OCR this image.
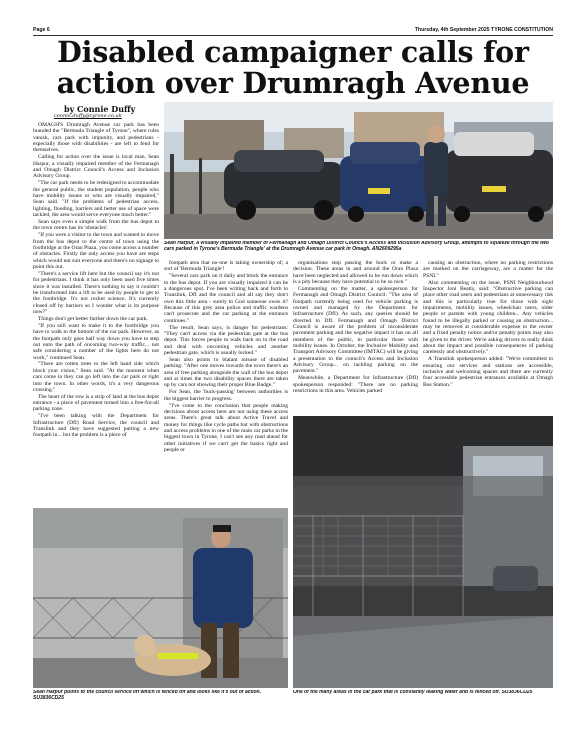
Page 6	Thursday, 4th September 2025 TYRONE CONSTITUTION
Disabled campaigner calls for action over Drumragh Avenue
by Connie Duffy
connie.duffy@tyrone.co.uk

OMAGH'S Drumragh Avenue car park has been branded the "Bermuda Triangle of Tyrone", where rules vanish, cars park with impunity, and pedestrians - especially those with disabilities - are left to fend for themselves.

Calling for action over the issue is local man, Sean Harpur, a visually impaired member of the Fermanagh and Omagh District Council's Access and Inclusion Advisory Group.

"The car park needs to be redesigned to accommodate the general public, the student population, people who have mobility issues or who are visually impaired," Sean said. "If the problems of pedestrian access, lighting, flooding, barriers and better use of space were tackled, the area would serve everyone much better."

Sean says even a simple walk from the bus depot to the town centre has its 'obstacles'.

"If you were a visitor to the town and wanted to move from the bus depot to the centre of town using the footbridge at the Oran Plaza, you come across a number of obstacles. Firstly the only access you have are steps which would not suit everyone and there's no signage to point this out.

"There's a service lift here but the council say it's not for pedestrians. I think it has only been used five times since it was installed. There's nothing to say it couldn't be transformed into a lift to be used by people to get to the footbridge. It's not rocket science. It's currently closed off by barriers so I wonder what is its purpose now?"

Things don't get better further down the car park.

"If you still want to make it to the footbridge you have to walk to the bottom of the car park. However, as the footpath only goes half way down you have to step out onto the path of oncoming two-way traffic... not safe considering a number of the lights here do not work," continued Sean.

"There are rotten trees to the left hand side which block your vision," Sean said. "At the moment when cars come in they can go left into the car park or right into the town. In other words, it's a very dangerous crossing."

The heart of the row is a strip of land at the bus depot entrance - a piece of pavement turned into a free-for-all parking zone.

"I've been talking with the Department for Infrastructure (DfI) Road Service, the council and Translink and they have suggested putting a new footpath in... but the problem is a piece of

Sean Harpur, a visually impaired member of Fermanagh and Omagh District Council's Access and Inclusion Advisory Group, attempts to squeeze through the two cars parked in Tyrone's Bermuda Triangle' at the Drumragh Avenue car park in Omagh. AN2609295a

footpath area that no-one is taking ownership of; a sort of 'Bermuda Triangle'!

"Several cars park on it daily and block the entrance to the bus depot. If you are visually impaired it can be a dangerous spot. I've been writing back and forth to Translink, DfI and the council and all say they don't own this little area - surely to God someone owns it? Because of this grey area police and traffic wardens can't prosecute and the car parking at the entrance continues."

The result, Sean says, is danger for pedestrians: "They can't access via the pedestrian gate at the bus depot. This forces people to walk back on to the road and deal with oncoming vehicles and another pedestrian gate, which is usually locked."

Sean also points to blatant misuse of disabled parking: "After one moves towards the town there's an area of free parking alongside the wall of the bus depot and at times the two disability spaces there are taken up by cars not showing their proper Blue Badge."

For Sean, the 'buck-passing' between authorities is the biggest barrier to progress.

"I've come to the conclusion that people making decisions about access here are not using these access areas. There's great talk about Active Travel and money for things like cycle paths but with obstructions and access problems in one of the main car parks in the biggest town in Tyrone, I can't see any road ahead for other initiatives if we can't get the basics right and people or

organisations stop passing the buck or make a decision. These areas in and around the Oran Plaza have been neglected and allowed to be run down which is a pity because they have potential to be so nice."

Commenting on the matter, a spokesperson for Fermanagh and Omagh District Council: "The area of footpath currently being used for vehicle parking is owned and managed by the Department for Infrastructure (DfI). As such, any queries should be directed to DfI. Fermanagh and Omagh District Council is aware of the problem of inconsiderate pavement parking and the negative impact it has on all members of the public, in particular those with mobility issues. In October, the Inclusive Mobility and Transport Advisory Committee (IMTAC) will be giving a presentation to the council's Access and Inclusion Advisory Group... on tackling parking on the pavement."

Meanwhile, a Department for Infrastructure (DfI) spokesperson responded: "There are no parking restrictions in this area. Vehicles parked

causing an obstruction, where no parking restrictions are marked on the carriageway, are a matter for the PSNI."

Also commenting on the issue, PSNI Neighbourhood Inspector Joni Beatty, said: "Obstructive parking can place other road users and pedestrians at unnecessary risk and this is particularly true for those with sight impairments, mobility issues, wheelchair users, older people or parents with young children... Any vehicles found to be illegally parked or causing an obstruction... may be removed at considerable expense to the owner and a fixed penalty notice and/or penalty points may also be given to the driver. We're asking drivers to really think about the impact and possible consequences of parking carelessly and obstructively."

A Translink spokesperson added: "We're committed to ensuring our services and stations are accessible, inclusive and welcoming spaces and there are currently four accessible pedestrian entrances available at Omagh Bus Station."

Sean Harpur points to the council service lift which is fenced off and looks like it's out of action. SU3836CD25
One of the many areas in the car park that is constantly leaking water and is fenced off. SU3836CD25
